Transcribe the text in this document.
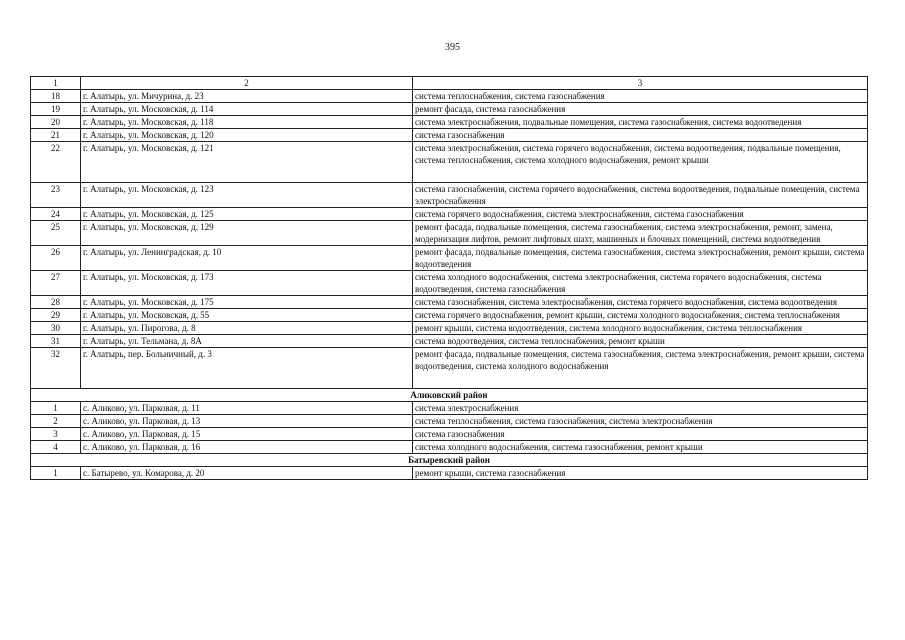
395
1	2	3
18	г. Алатырь, ул. Мичурина, д. 23	система теплоснабжения, система газоснабжения
19	г. Алатырь, ул. Московская, д. 114	ремонт фасада, система газоснабжения
20	г. Алатырь, ул. Московская, д. 118	система электроснабжения, подвальные помещения, система газоснабжения, система водоотведения
21	г. Алатырь, ул. Московская, д. 120	система газоснабжения
22	г. Алатырь, ул. Московская, д. 121	система электроснабжения, система горячего водоснабжения, система водоотведения, подвальные помещения, система теплоснабжения, система холодного водоснабжения, ремонт крыши
23	г. Алатырь, ул. Московская, д. 123	система газоснабжения, система горячего водоснабжения, система водоотведения, подвальные помещения, система электроснабжения
24	г. Алатырь, ул. Московская, д. 125	система горячего водоснабжения, система электроснабжения, система газоснабжения
25	г. Алатырь, ул. Московская, д. 129	ремонт фасада, подвальные помещения, система газоснабжения, система электроснабжения, ремонт, замена, модернизация лифтов, ремонт лифтовых шахт, машинных и блочных помещений, система водоотведения
26	г. Алатырь, ул. Ленинградская, д. 10	ремонт фасада, подвальные помещения, система газоснабжения, система электроснабжения, ремонт крыши, система водоотведения
27	г. Алатырь, ул. Московская, д. 173	система холодного водоснабжения, система электроснабжения, система горячего водоснабжения, система водоотведения, система газоснабжения
28	г. Алатырь, ул. Московская, д. 175	система газоснабжения, система электроснабжения, система горячего водоснабжения, система водоотведения
29	г. Алатырь, ул. Московская, д. 55	система горячего водоснабжения, ремонт крыши, система холодного водоснабжения, система теплоснабжения
30	г. Алатырь, ул. Пирогова, д. 8	ремонт крыши, система водоотведения, система холодного водоснабжения, система теплоснабжения
31	г. Алатырь, ул. Тельмана, д. 8А	система водоотведения, система теплоснабжения, ремонт крыши
32	г. Алатырь, пер. Больничный, д. 3	ремонт фасада, подвальные помещения, система газоснабжения, система электроснабжения, ремонт крыши, система водоотведения, система холодного водоснабжения
Аликовский район		
1	с. Аликово, ул. Парковая, д. 11	система электроснабжения
2	с. Аликово, ул. Парковая, д. 13	система теплоснабжения, система газоснабжения, система электроснабжения
3	с. Аликово, ул. Парковая, д. 15	система газоснабжения
4	с. Аликово, ул. Парковая, д. 16	система холодного водоснабжения, система газоснабжения, ремонт крыши
Батыревский район		
1	с. Батырево, ул. Комарова, д. 20	ремонт крыши, система газоснабжения
